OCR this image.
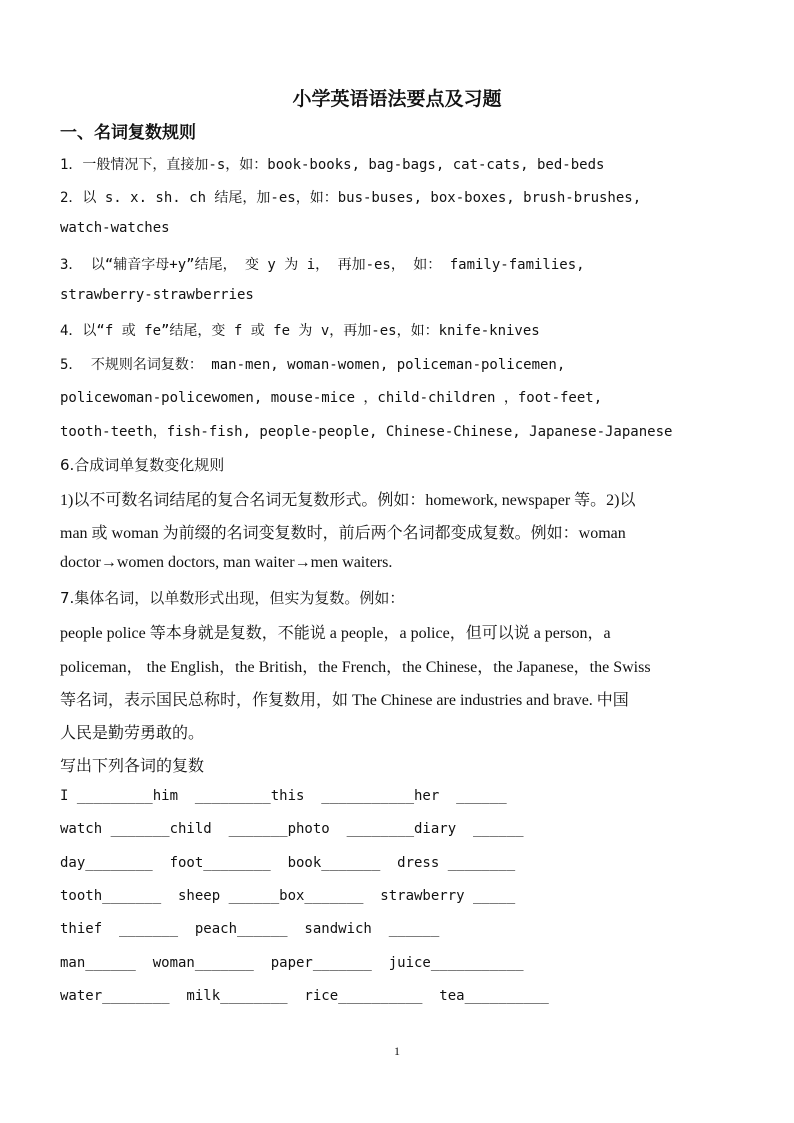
小学英语语法要点及习题
一、名词复数规则
1．一般情况下，直接加-s，如：book-books, bag-bags, cat-cats, bed-beds
2．以 s. x. sh. ch 结尾，加-es，如：bus-buses, box-boxes, brush-brushes,
watch-watches
3． 以“辅音字母+y”结尾， 变 y 为 i， 再加-es， 如： family-families,
strawberry-strawberries
4．以“f 或 fe”结尾，变 f 或 fe 为 v，再加-es，如：knife-knives
5． 不规则名词复数： man-men, woman-women, policeman-policemen,
policewoman-policewomen, mouse-mice ，child-children ，foot-feet,
tooth-teeth，fish-fish, people-people, Chinese-Chinese, Japanese-Japanese
6.合成词单复数变化规则
1)以不可数名词结尾的复合名词无复数形式。例如：homework, newspaper 等。2)以
man 或 woman 为前缀的名词变复数时，前后两个名词都变成复数。例如：woman
doctor→women doctors, man waiter→men waiters.
7.集体名词，以单数形式出现，但实为复数。例如：
people police 等本身就是复数，不能说 a people，a police，但可以说 a person，a
policeman， the English，the British，the French，the Chinese，the Japanese，the Swiss
等名词，表示国民总称时，作复数用，如 The Chinese are industries and brave. 中国
人民是勤劳勇敢的。
写出下列各词的复数
I _________him  _________this  ___________her  ______
watch _______child  _______photo  ________diary  ______
day________  foot________  book_______  dress ________
tooth_______  sheep ______box_______  strawberry _____
thief  _______  peach______  sandwich  ______
man______  woman_______  paper_______  juice___________
water________  milk________  rice__________  tea__________
1
